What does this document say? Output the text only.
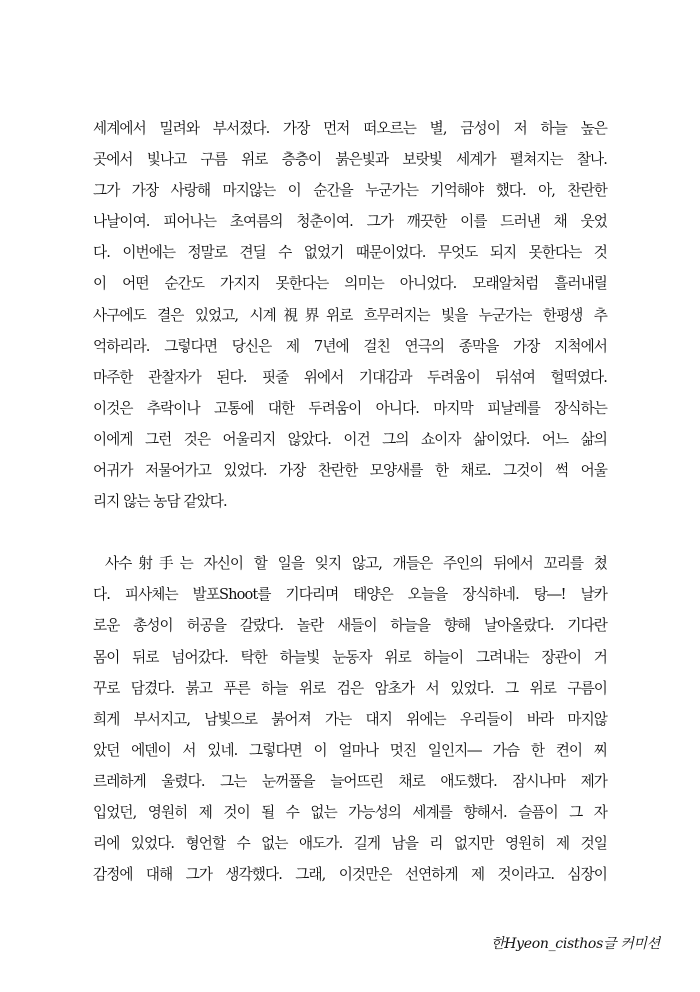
세계에서 밀려와 부서졌다. 가장 먼저 떠오르는 별, 금성이 저 하늘 높은
곳에서 빛나고 구름 위로 층층이 붉은빛과 보랏빛 세계가 펼쳐지는 찰나.
그가 가장 사랑해 마지않는 이 순간을 누군가는 기억해야 했다. 아, 찬란한
나날이여. 피어나는 초여름의 청춘이여. 그가 깨끗한 이를 드러낸 채 웃었
다. 이번에는 정말로 견딜 수 없었기 때문이었다. 무엇도 되지 못한다는 것
이 어떤 순간도 가지지 못한다는 의미는 아니었다. 모래알처럼 흘러내릴
사구에도 결은 있었고, 시계視界위로 흐무러지는 빛을 누군가는 한평생 추
억하리라. 그렇다면 당신은 제 7년에 걸친 연극의 종막을 가장 지척에서
마주한 관찰자가 된다. 핏줄 위에서 기대감과 두려움이 뒤섞여 헐떡였다.
이것은 추락이나 고통에 대한 두려움이 아니다. 마지막 피날레를 장식하는
이에게 그런 것은 어울리지 않았다. 이건 그의 쇼이자 삶이었다. 어느 삶의
어귀가 저물어가고 있었다. 가장 찬란한 모양새를 한 채로. 그것이 썩 어울
리지 않는 농담 같았다.
사수射手는 자신이 할 일을 잊지 않고, 개들은 주인의 뒤에서 꼬리를 쳤
다. 피사체는 발포Shoot를 기다리며 태양은 오늘을 장식하네. 탕―! 날카
로운 총성이 허공을 갈랐다. 놀란 새들이 하늘을 향해 날아올랐다. 기다란
몸이 뒤로 넘어갔다. 탁한 하늘빛 눈동자 위로 하늘이 그려내는 장관이 거
꾸로 담겼다. 붉고 푸른 하늘 위로 검은 암초가 서 있었다. 그 위로 구름이
희게 부서지고, 남빛으로 붉어져 가는 대지 위에는 우리들이 바라 마지않
았던 에덴이 서 있네. 그렇다면 이 얼마나 멋진 일인지― 가슴 한 켠이 찌
르레하게 울렸다. 그는 눈꺼풀을 늘어뜨린 채로 애도했다. 잠시나마 제가
입었던, 영원히 제 것이 될 수 없는 가능성의 세계를 향해서. 슬픔이 그 자
리에 있었다. 형언할 수 없는 애도가. 길게 남을 리 없지만 영원히 제 것일
감정에 대해 그가 생각했다. 그래, 이것만은 선연하게 제 것이라고. 심장이
한Hyeon_cisthos글 커미션
